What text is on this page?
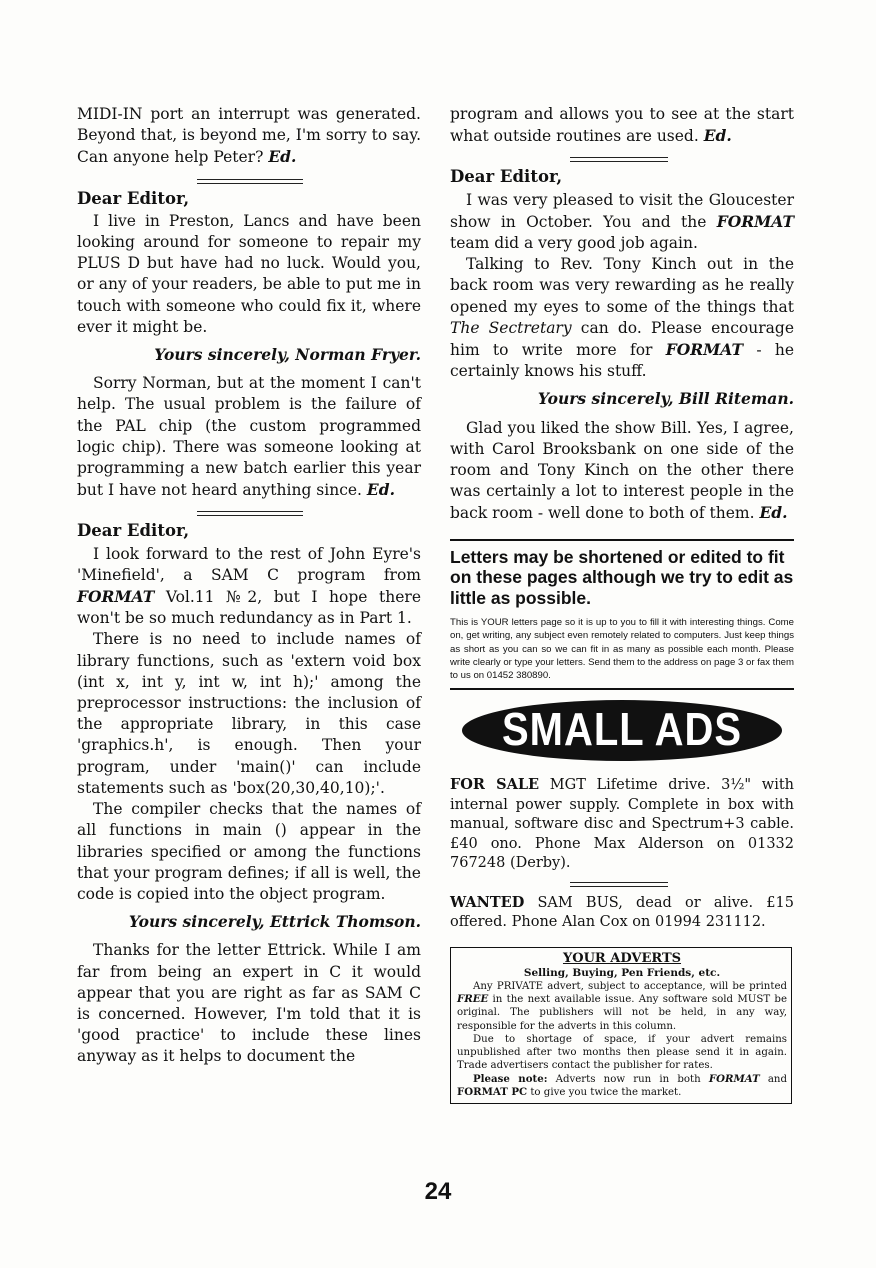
MIDI-IN port an interrupt was generated. Beyond that, is beyond me, I'm sorry to say. Can anyone help Peter? Ed.

Dear Editor,

I live in Preston, Lancs and have been looking around for someone to repair my PLUS D but have had no luck. Would you, or any of your readers, be able to put me in touch with someone who could fix it, where ever it might be.

Yours sincerely, Norman Fryer.

Sorry Norman, but at the moment I can't help. The usual problem is the failure of the PAL chip (the custom programmed logic chip). There was someone looking at programming a new batch earlier this year but I have not heard anything since. Ed.

Dear Editor,

I look forward to the rest of John Eyre's 'Minefield', a SAM C program from FORMAT Vol.11 №2, but I hope there won't be so much redundancy as in Part 1.

There is no need to include names of library functions, such as 'extern void box (int x, int y, int w, int h);' among the preprocessor instructions: the inclusion of the appropriate library, in this case 'graphics.h', is enough. Then your program, under 'main()' can include statements such as 'box(20,30,40,10);'.

The compiler checks that the names of all functions in main () appear in the libraries specified or among the functions that your program defines; if all is well, the code is copied into the object program.

Yours sincerely, Ettrick Thomson.

Thanks for the letter Ettrick. While I am far from being an expert in C it would appear that you are right as far as SAM C is concerned. However, I'm told that it is 'good practice' to include these lines anyway as it helps to document the

program and allows you to see at the start what outside routines are used. Ed.

Dear Editor,

I was very pleased to visit the Gloucester show in October. You and the FORMAT team did a very good job again.

Talking to Rev. Tony Kinch out in the back room was very rewarding as he really opened my eyes to some of the things that The Sectretary can do. Please encourage him to write more for FORMAT - he certainly knows his stuff.

Yours sincerely, Bill Riteman.

Glad you liked the show Bill. Yes, I agree, with Carol Brooksbank on one side of the room and Tony Kinch on the other there was certainly a lot to interest people in the back room - well done to both of them. Ed.

Letters may be shortened or edited to fit on these pages although we try to edit as little as possible.
This is YOUR letters page so it is up to you to fill it with interesting things. Come on, get writing, any subject even remotely related to computers. Just keep things as short as you can so we can fit in as many as possible each month. Please write clearly or type your letters. Send them to the address on page 3 or fax them to us on 01452 380890.
SMALL ADS

FOR SALE MGT Lifetime drive. 3½" with internal power supply. Complete in box with manual, software disc and Spectrum+3 cable. £40 ono. Phone Max Alderson on 01332 767248 (Derby).

WANTED SAM BUS, dead or alive. £15 offered. Phone Alan Cox on 01994 231112.

YOUR ADVERTS
Selling, Buying, Pen Friends, etc.

Any PRIVATE advert, subject to acceptance, will be printed FREE in the next available issue. Any software sold MUST be original. The publishers will not be held, in any way, responsible for the adverts in this column.

Due to shortage of space, if your advert remains unpublished after two months then please send it in again. Trade advertisers contact the publisher for rates.

Please note: Adverts now run in both FORMAT and FORMAT PC to give you twice the market.

24
